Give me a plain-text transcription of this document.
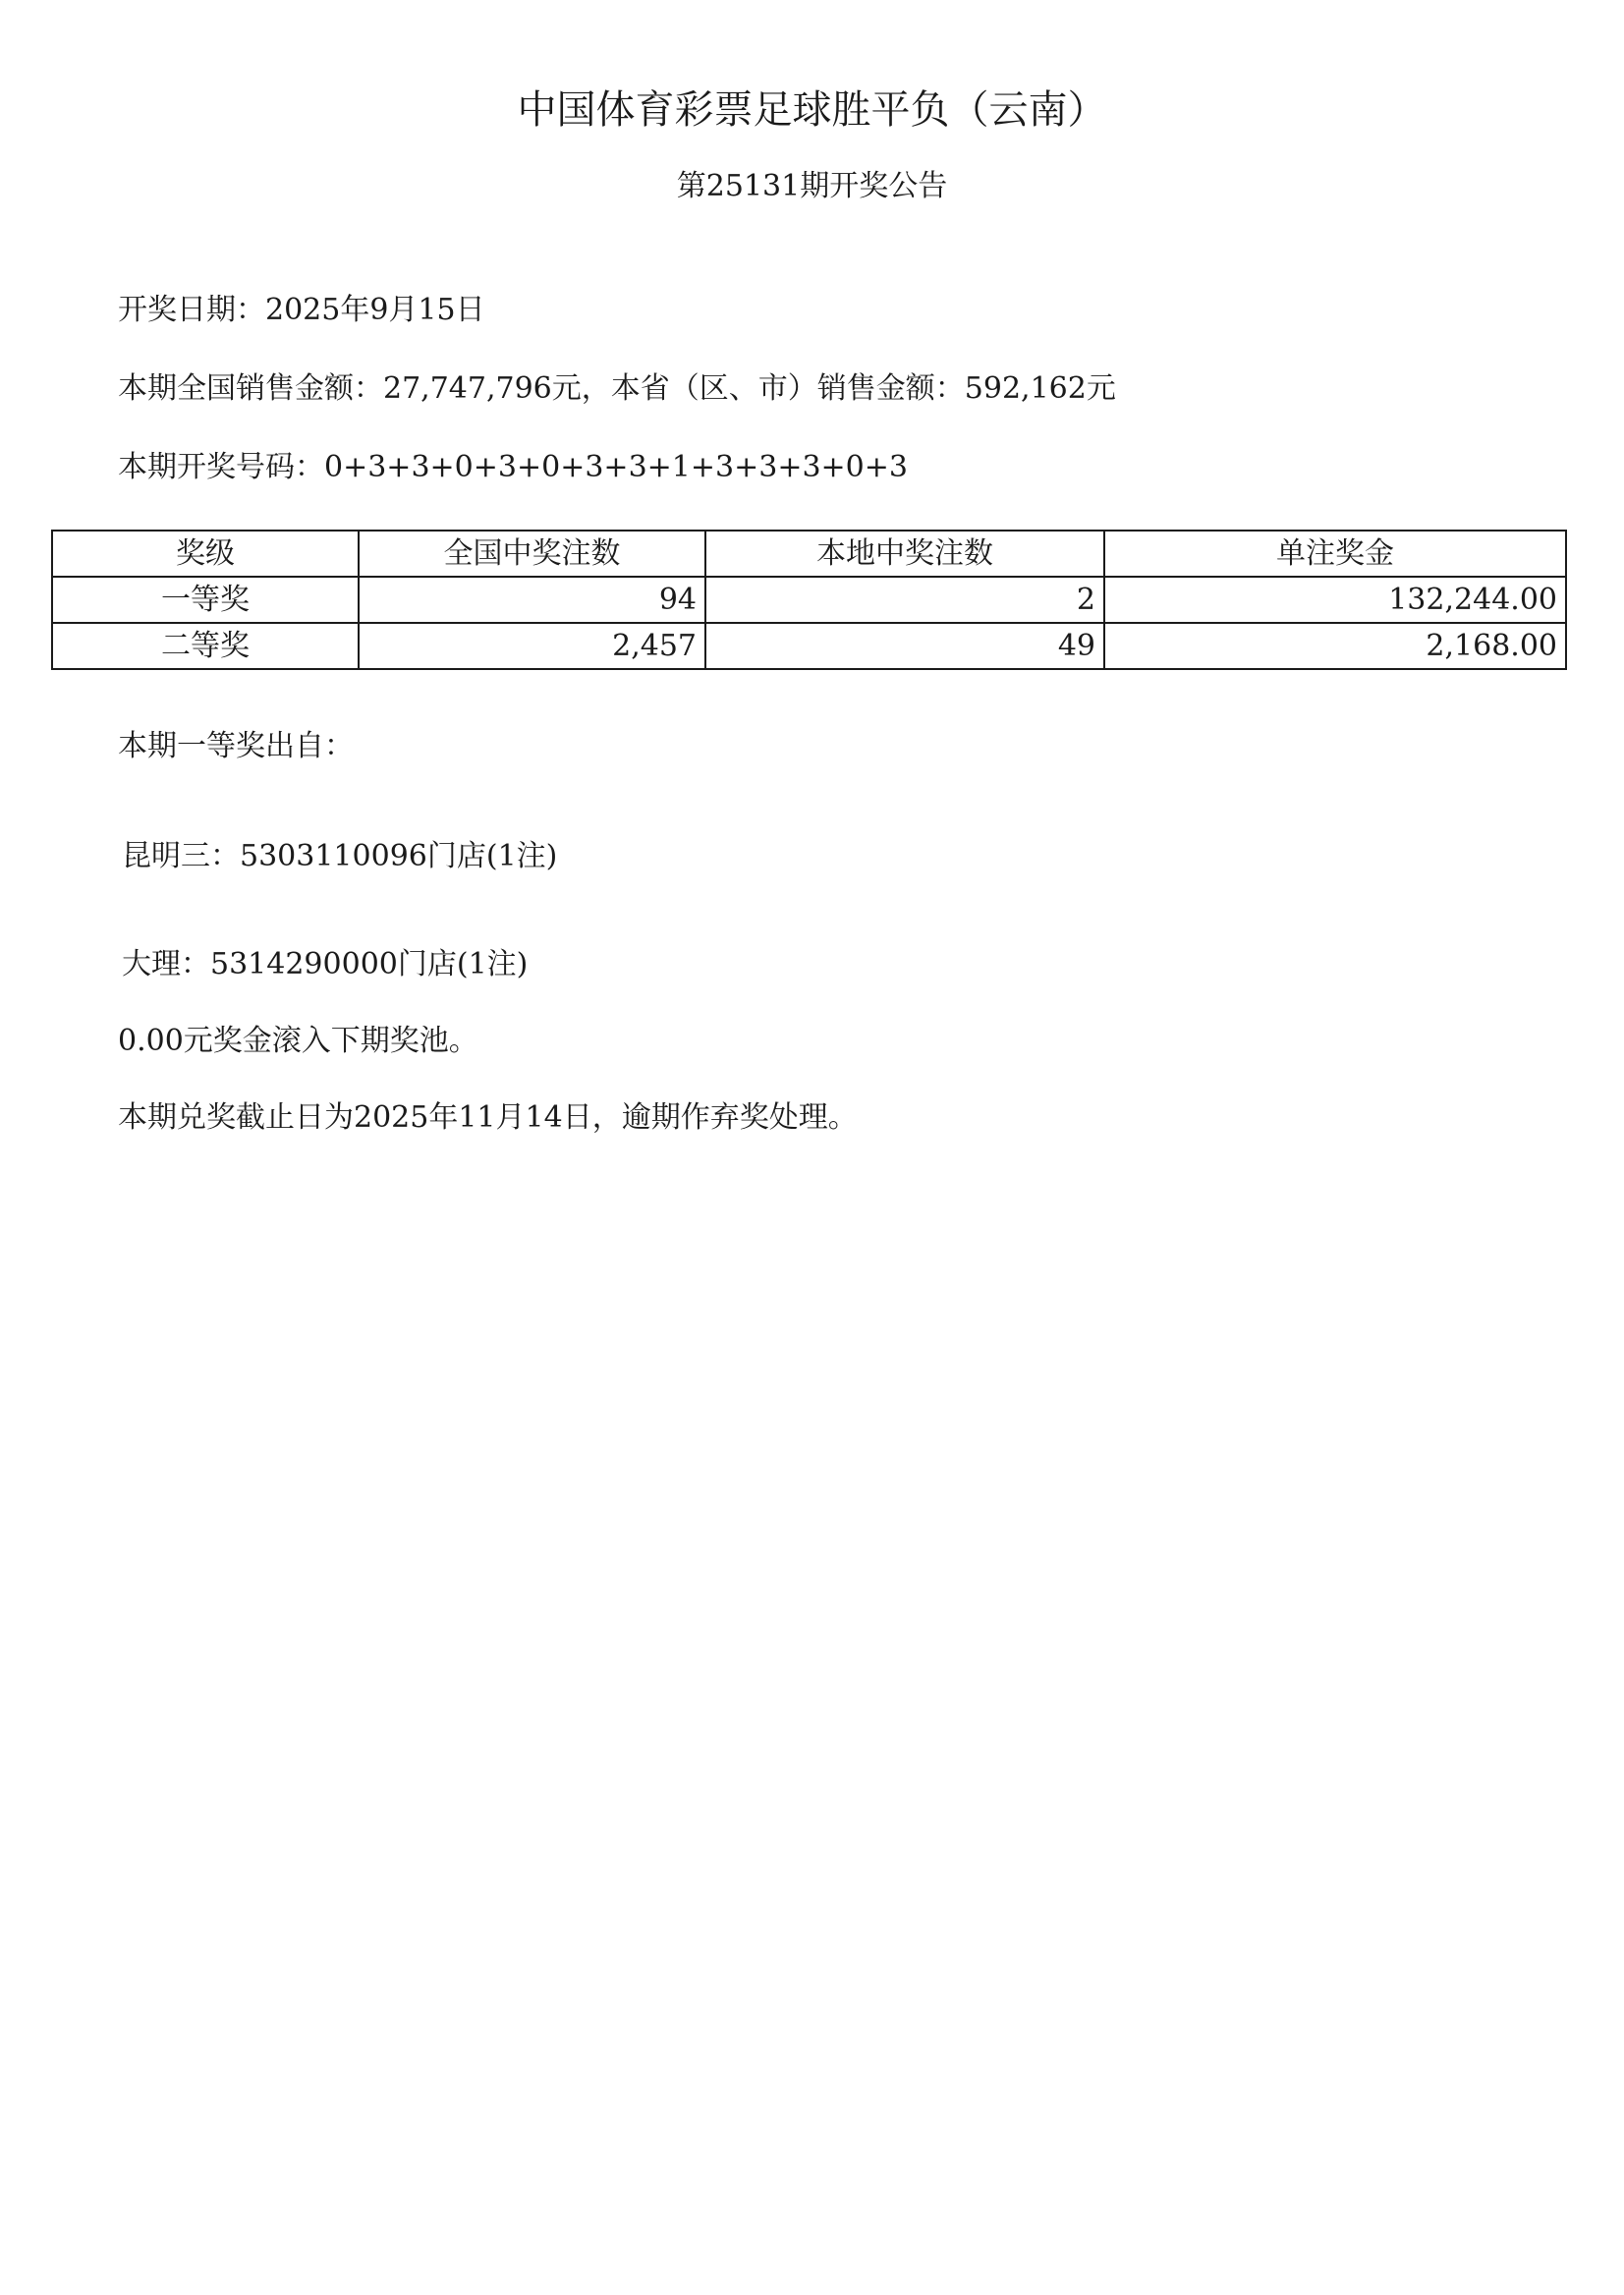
中国体育彩票足球胜平负（云南）
第25131期开奖公告
开奖日期：2025年9月15日
本期全国销售金额：27,747,796元，本省（区、市）销售金额：592,162元
本期开奖号码：0+3+3+0+3+0+3+3+1+3+3+3+0+3
奖级	全国中奖注数	本地中奖注数	单注奖金
一等奖	94	2	132,244.00
二等奖	2,457	49	2,168.00
本期一等奖出自：
昆明三：5303110096门店(1注)
大理：5314290000门店(1注)
0.00元奖金滚入下期奖池。
本期兑奖截止日为2025年11月14日，逾期作弃奖处理。
